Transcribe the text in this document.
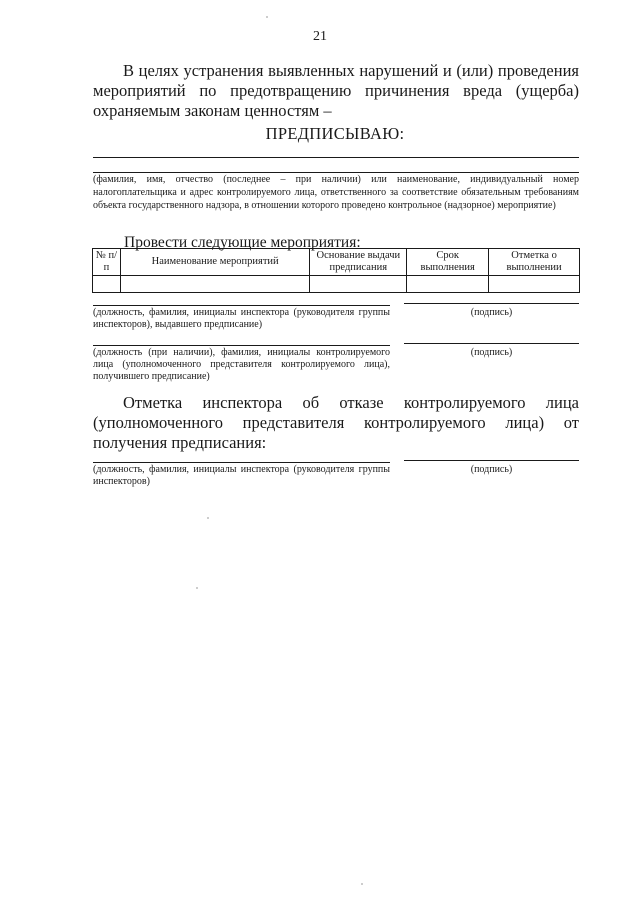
21
В целях устранения выявленных нарушений и (или) проведения мероприятий по предотвращению причинения вреда (ущерба) охраняемым законам ценностям –
ПРЕДПИСЫВАЮ:
(фамилия, имя, отчество (последнее – при наличии) или наименование, индивидуальный номер налогоплательщика и адрес контролируемого лица, ответственного за соответствие обязательным требованиям объекта государственного надзора, в отношении которого проведено контрольное (надзорное) мероприятие)
Провести следующие мероприятия:
№ п/п	Наименование мероприятий	Основание выдачи предписания	Срок выполнения	Отметка о выполнении

(должность, фамилия, инициалы инспектора (руководителя группы инспекторов), выдавшего предписание)
(подпись)
(должность (при наличии), фамилия, инициалы контролируемого лица (уполномоченного представителя контролируемого лица), получившего предписание)
(подпись)
Отметка инспектора об отказе контролируемого лица (уполномоченного представителя контролируемого лица) от получения предписания:
(должность, фамилия, инициалы инспектора (руководителя группы инспекторов)
(подпись)
